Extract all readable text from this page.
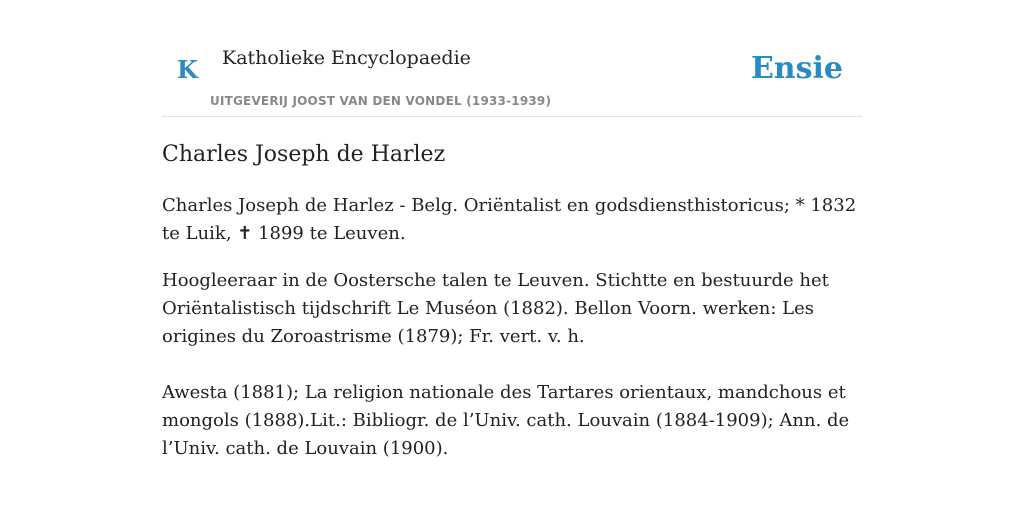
K Katholieke Encyclopaedie
UITGEVERIJ JOOST VAN DEN VONDEL (1933-1939)
Ensie
Charles Joseph de Harlez

Charles Joseph de Harlez - Belg. Oriëntalist en godsdiensthistoricus; * 1832 te Luik, ✝ 1899 te Leuven.

Hoogleeraar in de Oostersche talen te Leuven. Stichtte en bestuurde het Oriëntalistisch tijdschrift Le Muséon (1882). Bellon Voorn. werken: Les origines du Zoroastrisme (1879); Fr. vert. v. h.

Awesta (1881); La religion nationale des Tartares orientaux, mandchous et mongols (1888).Lit.: Bibliogr. de l’Univ. cath. Louvain (1884-1909); Ann. de l’Univ. cath. de Louvain (1900).
